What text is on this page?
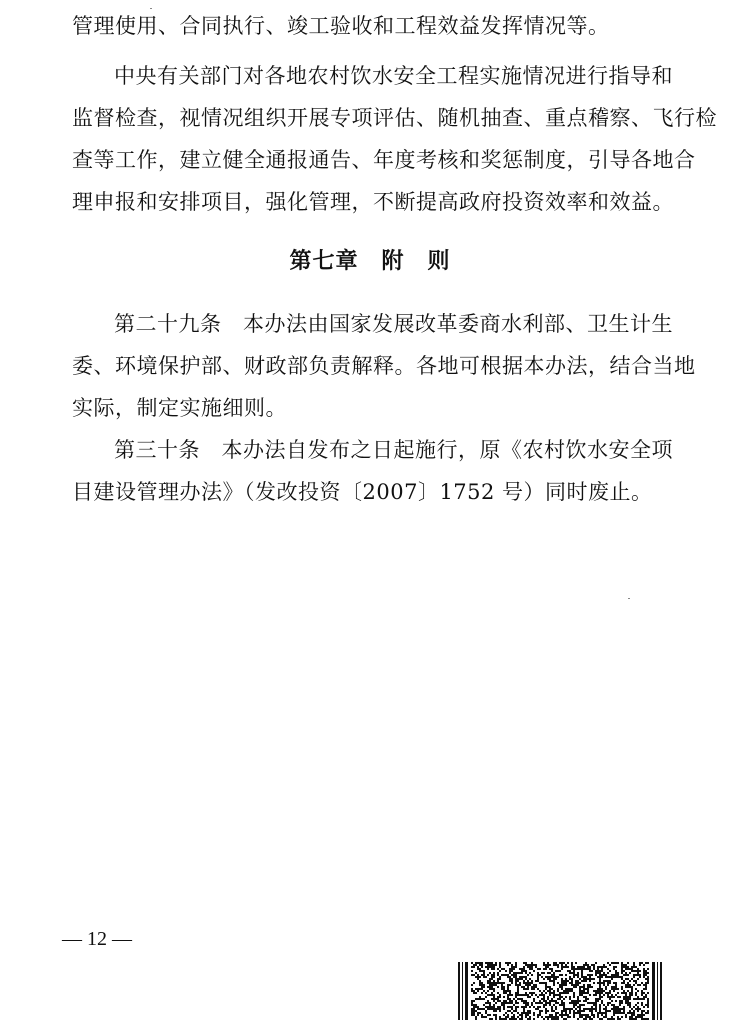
管理使用、合同执行、竣工验收和工程效益发挥情况等。
中央有关部门对各地农村饮水安全工程实施情况进行指导和
监督检查，视情况组织开展专项评估、随机抽查、重点稽察、飞行检
查等工作，建立健全通报通告、年度考核和奖惩制度，引导各地合
理申报和安排项目，强化管理，不断提高政府投资效率和效益。
第七章　附　则
第二十九条　本办法由国家发展改革委商水利部、卫生计生
委、环境保护部、财政部负责解释。各地可根据本办法，结合当地
实际，制定实施细则。
第三十条　本办法自发布之日起施行，原《农村饮水安全项
目建设管理办法》（发改投资〔2007〕1752 号）同时废止。
— 12 —
